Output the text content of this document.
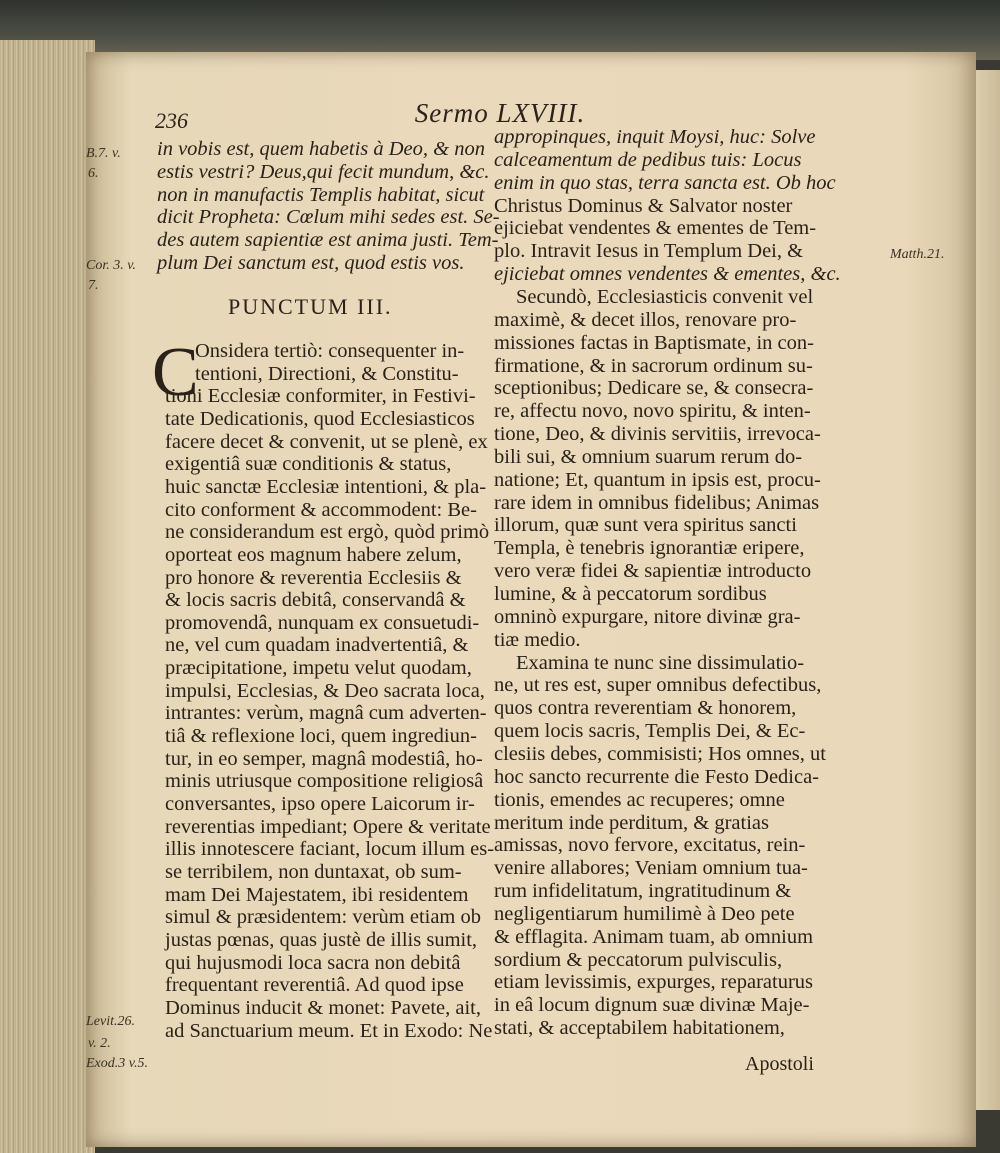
236	Sermo LXVIII.
B.7. v.
6.
Cor. 3. v.
7.
Matth.21.
Levit.26.
v. 2.
Exod.3 v.5.
PUNCTUM III.
C
Apostoli
in vobis est, quem habetis à Deo, & non
estis vestri? Deus,qui fecit mundum, &c.
non in manufactis Templis habitat, sicut
dicit Propheta: Cœlum mihi sedes est. Se-
des autem sapientiæ est anima justi. Tem-
plum Dei sanctum est, quod estis vos.
Onsidera tertiò: consequenter in-
tentioni, Directioni, & Constitu-
tioni Ecclesiæ conformiter, in Festivi-
tate Dedicationis, quod Ecclesiasticos
facere decet & convenit, ut se plenè, ex
exigentiâ suæ conditionis & status,
huic sanctæ Ecclesiæ intentioni, & pla-
cito conforment & accommodent: Be-
ne considerandum est ergò, quòd primò
oporteat eos magnum habere zelum,
pro honore & reverentia Ecclesiis &
& locis sacris debitâ, conservandâ &
promovendâ, nunquam ex consuetudi-
ne, vel cum quadam inadvertentiâ, &
præcipitatione, impetu velut quodam,
impulsi, Ecclesias, & Deo sacrata loca,
intrantes: verùm, magnâ cum adverten-
tiâ & reflexione loci, quem ingrediun-
tur, in eo semper, magnâ modestiâ, ho-
minis utriusque compositione religiosâ
conversantes, ipso opere Laicorum ir-
reverentias impediant; Opere & veritate
illis innotescere faciant, locum illum es-
se terribilem, non duntaxat, ob sum-
mam Dei Majestatem, ibi residentem
simul & præsidentem: verùm etiam ob
justas pœnas, quas justè de illis sumit,
qui hujusmodi loca sacra non debitâ
frequentant reverentiâ. Ad quod ipse
Dominus inducit & monet: Pavete, ait,
ad Sanctuarium meum. Et in Exodo: Ne
appropinques, inquit Moysi, huc: Solve
calceamentum de pedibus tuis: Locus
enim in quo stas, terra sancta est. Ob hoc
Christus Dominus & Salvator noster
ejiciebat vendentes & ementes de Tem-
plo. Intravit Iesus in Templum Dei, &
ejiciebat omnes vendentes & ementes, &c.
Secundò, Ecclesiasticis convenit vel
maximè, & decet illos, renovare pro-
missiones factas in Baptismate, in con-
firmatione, & in sacrorum ordinum su-
sceptionibus; Dedicare se, & consecra-
re, affectu novo, novo spiritu, & inten-
tione, Deo, & divinis servitiis, irrevoca-
bili sui, & omnium suarum rerum do-
natione; Et, quantum in ipsis est, procu-
rare idem in omnibus fidelibus; Animas
illorum, quæ sunt vera spiritus sancti
Templa, è tenebris ignorantiæ eripere,
vero veræ fidei & sapientiæ introducto
lumine, & à peccatorum sordibus
omninò expurgare, nitore divinæ gra-
tiæ medio.
Examina te nunc sine dissimulatio-
ne, ut res est, super omnibus defectibus,
quos contra reverentiam & honorem,
quem locis sacris, Templis Dei, & Ec-
clesiis debes, commisisti; Hos omnes, ut
hoc sancto recurrente die Festo Dedica-
tionis, emendes ac recuperes; omne
meritum inde perditum, & gratias
amissas, novo fervore, excitatus, rein-
venire allabores; Veniam omnium tua-
rum infidelitatum, ingratitudinum &
negligentiarum humilimè à Deo pete
& efflagita. Animam tuam, ab omnium
sordium & peccatorum pulvisculis,
etiam levissimis, expurges, reparaturus
in eâ locum dignum suæ divinæ Maje-
stati, & acceptabilem habitationem,
